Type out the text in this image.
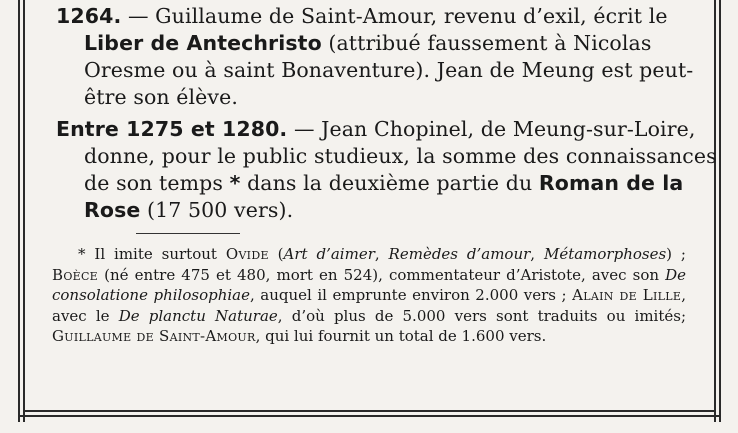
1264. — Guillaume de Saint-Amour, revenu d’exil, écrit le Liber de Antechristo (attribué faussement à Nicolas Oresme ou à saint Bonaventure). Jean de Meung est peut-être son élève.
Entre 1275 et 1280. — Jean Chopinel, de Meung-sur-Loire, donne, pour le public studieux, la somme des connaissances de son temps * dans la deuxième partie du Roman de la Rose (17 500 vers).
* Il imite surtout Ovide (Art d’aimer, Remèdes d’amour, Métamorphoses) ; Boèce (né entre 475 et 480, mort en 524), commentateur d’Aristote, avec son De consolatione philosophiae, auquel il emprunte environ 2.000 vers ; Alain de Lille, avec le De planctu Naturae, d’où plus de 5.000 vers sont traduits ou imités; Guillaume de Saint-Amour, qui lui fournit un total de 1.600 vers.
